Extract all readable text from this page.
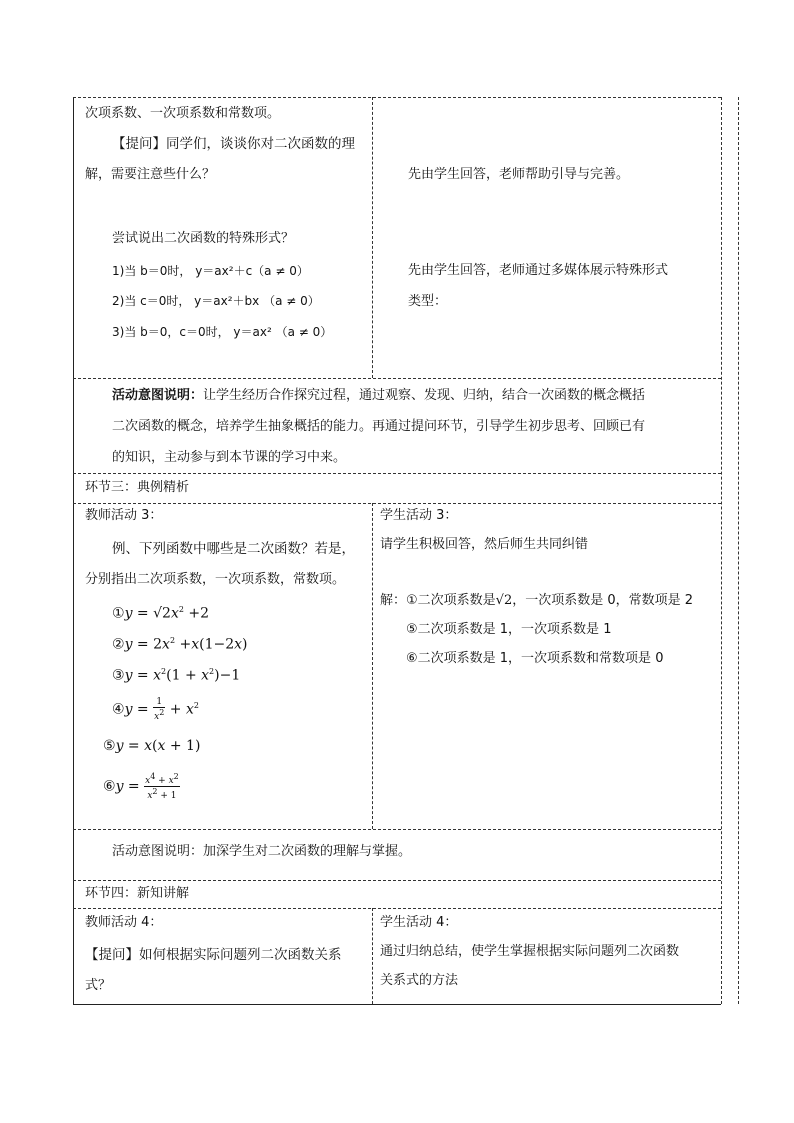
次项系数、一次项系数和常数项。
【提问】同学们，谈谈你对二次函数的理
解，需要注意些什么？
尝试说出二次函数的特殊形式？
1)当 b＝0时， y＝ax²＋c（a ≠ 0）
2)当 c＝0时， y＝ax²＋bx （a ≠ 0）
3)当 b＝0，c＝0时， y＝ax² （a ≠ 0）
先由学生回答，老师帮助引导与完善。
先由学生回答，老师通过多媒体展示特殊形式
类型：
活动意图说明：让学生经历合作探究过程，通过观察、发现、归纳，结合一次函数的概念概括
二次函数的概念，培养学生抽象概括的能力。再通过提问环节，引导学生初步思考、回顾已有
的知识，主动参与到本节课的学习中来。
环节三：典例精析
教师活动 3：
例、下列函数中哪些是二次函数？若是，
分别指出二次项系数，一次项系数，常数项。
①y = $√2x^2 +2$
②y = $2x^2 +x(1-2x)$
③y = $x^2(1 + x^2)-1$
④y = $\frac{1}{x^2} + x^2$
⑤y = x(x + 1)
⑥y = $\frac{x^4 + x^2}{x^2 + 1}$
学生活动 3：
请学生积极回答，然后师生共同纠错
解：①二次项系数是√2，一次项系数是 0，常数项是 2
⑤二次项系数是 1，一次项系数是 1
⑥二次项系数是 1，一次项系数和常数项是 0
活动意图说明：加深学生对二次函数的理解与掌握。
环节四：新知讲解
教师活动 4：
【提问】如何根据实际问题列二次函数关系
式？
学生活动 4：
通过归纳总结，使学生掌握根据实际问题列二次函数
关系式的方法
